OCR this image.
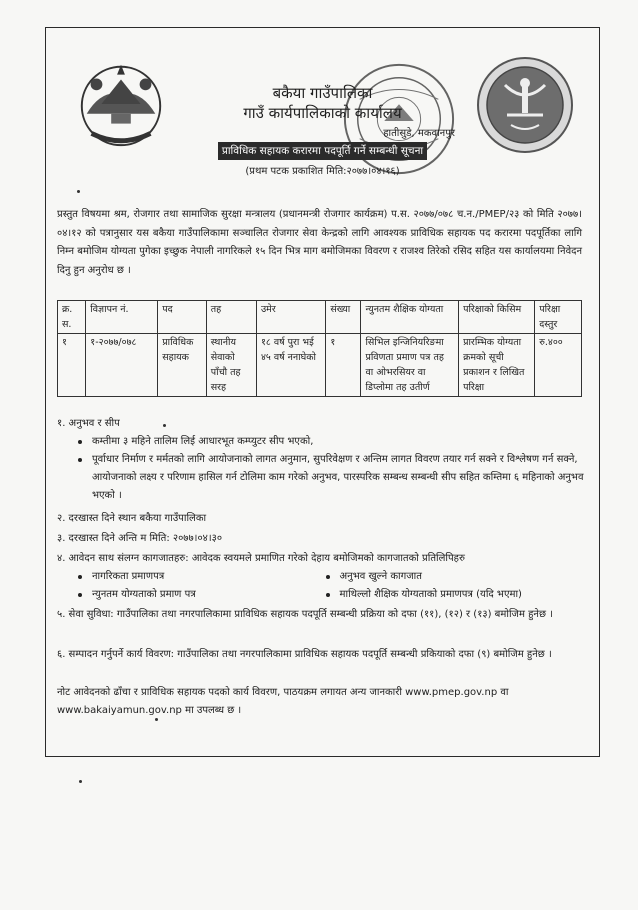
बकैया गाउँपालिका

गाउँ कार्यपालिकाको कार्यालय

हातीसुडे, मकवानपुर
प्राविधिक सहायक करारमा पदपूर्ति गर्ने सम्बन्धी सूचना
(प्रथम पटक प्रकाशित मिति:२०७७।०४।१६)
प्रस्तुत विषयमा श्रम, रोजगार तथा सामाजिक सुरक्षा मन्त्रालय (प्रधानमन्त्री रोजगार कार्यक्रम) प.स. २०७७/०७८ च.न./PMEP/२३ को मिति २०७७।०४।१२ को पत्रानुसार यस बकैया गाउँपालिकामा सञ्चालित रोजगार सेवा केन्द्रको लागि आवश्यक प्राविधिक सहायक पद करारमा पदपूर्तिका लागि निम्न बमोजिम योग्यता पुगेका इच्छुक नेपाली नागरिकले १५ दिन भित्र माग बमोजिमका विवरण र राजश्व तिरेको रसिद सहित यस कार्यालयमा निवेदन दिनु हुन अनुरोध छ ।
क्र. स.	विज्ञापन नं.	पद	तह	उमेर	संख्या	न्युनतम शैक्षिक योग्यता	परिक्षाको किसिम	परिक्षा दस्तुर
१	१-२०७७/०७८	प्राविधिक सहायक	स्थानीय सेवाको पाँचौ तह सरह	१८ वर्ष पुरा भई ४५ वर्ष ननाघेको	१	सिभिल इन्जिनियरिङमा प्रविणता प्रमाण पत्र तह वा ओभरसियर वा डिप्लोमा तह उतीर्ण	प्रारम्भिक योग्यता क्रमको सूची प्रकाशन र लिखित परिक्षा	रु.४००
१. अनुभव र सीप
कम्तीमा ३ महिने तालिम लिई आधारभूत कम्प्युटर सीप भएको,
पूर्वाधार निर्माण र मर्मतको लागि आयोजनाको लागत अनुमान, सुपरिवेक्षण र अन्तिम लागत विवरण तयार गर्न सक्ने र विश्लेषण गर्न सक्ने, आयोजनाको लक्ष्य र परिणाम हासिल गर्न टोलिमा काम गरेको अनुभव, पारस्परिक सम्बन्ध सम्बन्धी सीप सहित कम्तिमा ६ महिनाको अनुभव भएको ।
२. दरखास्त दिने स्थान बकैया गाउँपालिका
३. दरखास्त दिने अन्ति म मिति: २०७७।०४।३०
४. आवेदन साथ संलग्न कागजातहरु: आवेदक स्वयमले प्रमाणित गरेको देहाय बमोजिमको कागजातको प्रतिलिपिहरु
नागरिकता प्रमाणपत्र	अनुभव खुल्ने कागजात
न्युनतम योग्यताको प्रमाण पत्र	माथिल्लो शैक्षिक योग्यताको प्रमाणपत्र (यदि भएमा)
५. सेवा सुविधा: गाउँपालिका तथा नगरपालिकामा प्राविधिक सहायक पदपूर्ति सम्बन्धी प्रक्रिया को दफा (११), (१२) र (१३) बमोजिम हुनेछ ।
६. सम्पादन गर्नुपर्ने कार्य विवरण: गाउँपालिका तथा नगरपालिकामा प्राविधिक सहायक पदपूर्ति सम्बन्धी प्रकियाको दफा (९) बमोजिम हुनेछ ।
नोट आवेदनको ढाँचा र प्राविधिक सहायक पदको कार्य विवरण, पाठयक्रम लगायत अन्य जानकारी www.pmep.gov.np वा www.bakaiyamun.gov.np मा उपलब्ध छ ।
